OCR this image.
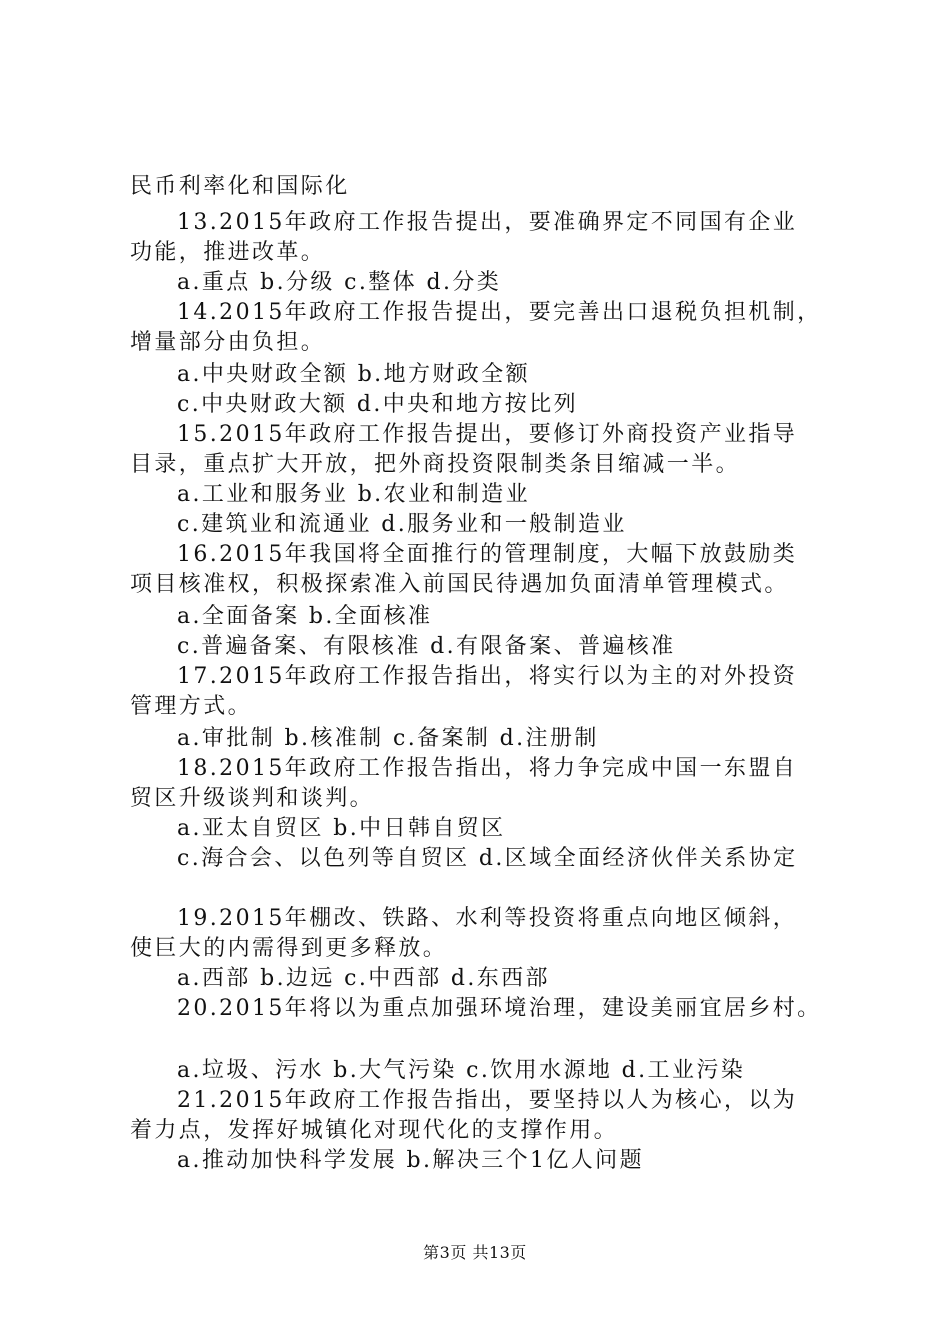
民币利率化和国际化
13.2015年政府工作报告提出，要准确界定不同国有企业
功能，推进改革。
a.重点 b.分级 c.整体 d.分类
14.2015年政府工作报告提出，要完善出口退税负担机制，
增量部分由负担。
a.中央财政全额 b.地方财政全额
c.中央财政大额 d.中央和地方按比列
15.2015年政府工作报告提出，要修订外商投资产业指导
目录，重点扩大开放，把外商投资限制类条目缩减一半。
a.工业和服务业 b.农业和制造业
c.建筑业和流通业 d.服务业和一般制造业
16.2015年我国将全面推行的管理制度，大幅下放鼓励类
项目核准权，积极探索准入前国民待遇加负面清单管理模式。
a.全面备案 b.全面核准
c.普遍备案、有限核准 d.有限备案、普遍核准
17.2015年政府工作报告指出，将实行以为主的对外投资
管理方式。
a.审批制 b.核准制 c.备案制 d.注册制
18.2015年政府工作报告指出，将力争完成中国一东盟自
贸区升级谈判和谈判。
a.亚太自贸区 b.中日韩自贸区
c.海合会、以色列等自贸区 d.区域全面经济伙伴关系协定
19.2015年棚改、铁路、水利等投资将重点向地区倾斜，
使巨大的内需得到更多释放。
a.西部 b.边远 c.中西部 d.东西部
20.2015年将以为重点加强环境治理，建设美丽宜居乡村。
a.垃圾、污水 b.大气污染 c.饮用水源地 d.工业污染
21.2015年政府工作报告指出，要坚持以人为核心，以为
着力点，发挥好城镇化对现代化的支撑作用。
a.推动加快科学发展 b.解决三个1亿人问题
第3页 共13页
